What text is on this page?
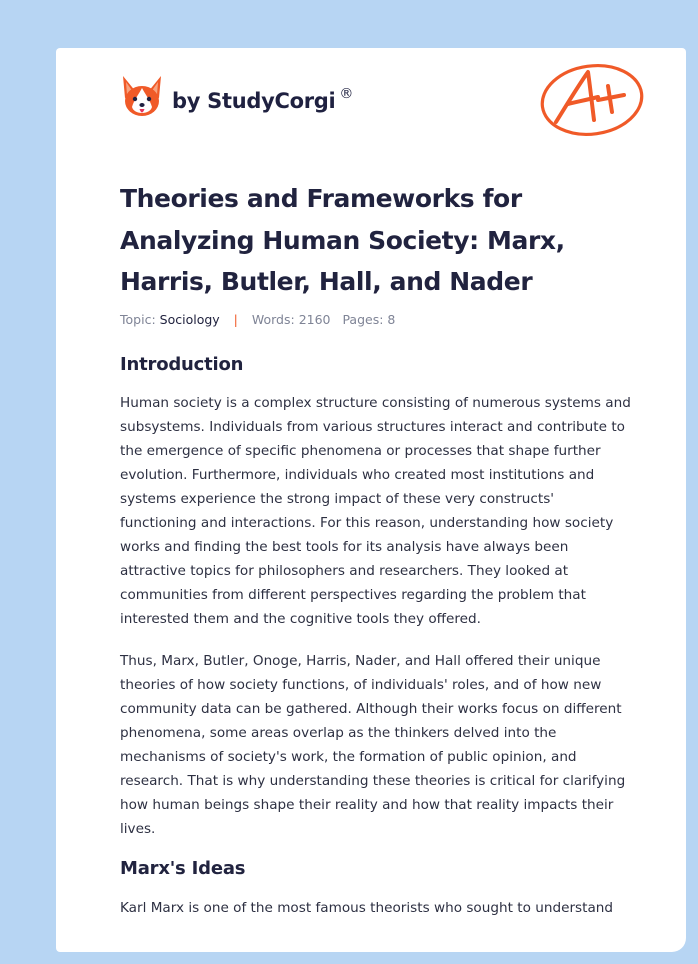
by StudyCorgi ®
Theories and Frameworks for Analyzing Human Society: Marx, Harris, Butler, Hall, and Nader
Topic: Sociology | Words: 2160 Pages: 8
Introduction

Human society is a complex structure consisting of numerous systems and subsystems. Individuals from various structures interact and contribute to the emergence of specific phenomena or processes that shape further evolution. Furthermore, individuals who created most institutions and systems experience the strong impact of these very constructs' functioning and interactions. For this reason, understanding how society works and finding the best tools for its analysis have always been attractive topics for philosophers and researchers. They looked at communities from different perspectives regarding the problem that interested them and the cognitive tools they offered.

Thus, Marx, Butler, Onoge, Harris, Nader, and Hall offered their unique theories of how society functions, of individuals' roles, and of how new community data can be gathered. Although their works focus on different phenomena, some areas overlap as the thinkers delved into the mechanisms of society's work, the formation of public opinion, and research. That is why understanding these theories is critical for clarifying how human beings shape their reality and how that reality impacts their lives.

Marx's Ideas

Karl Marx is one of the most famous theorists who sought to understand
